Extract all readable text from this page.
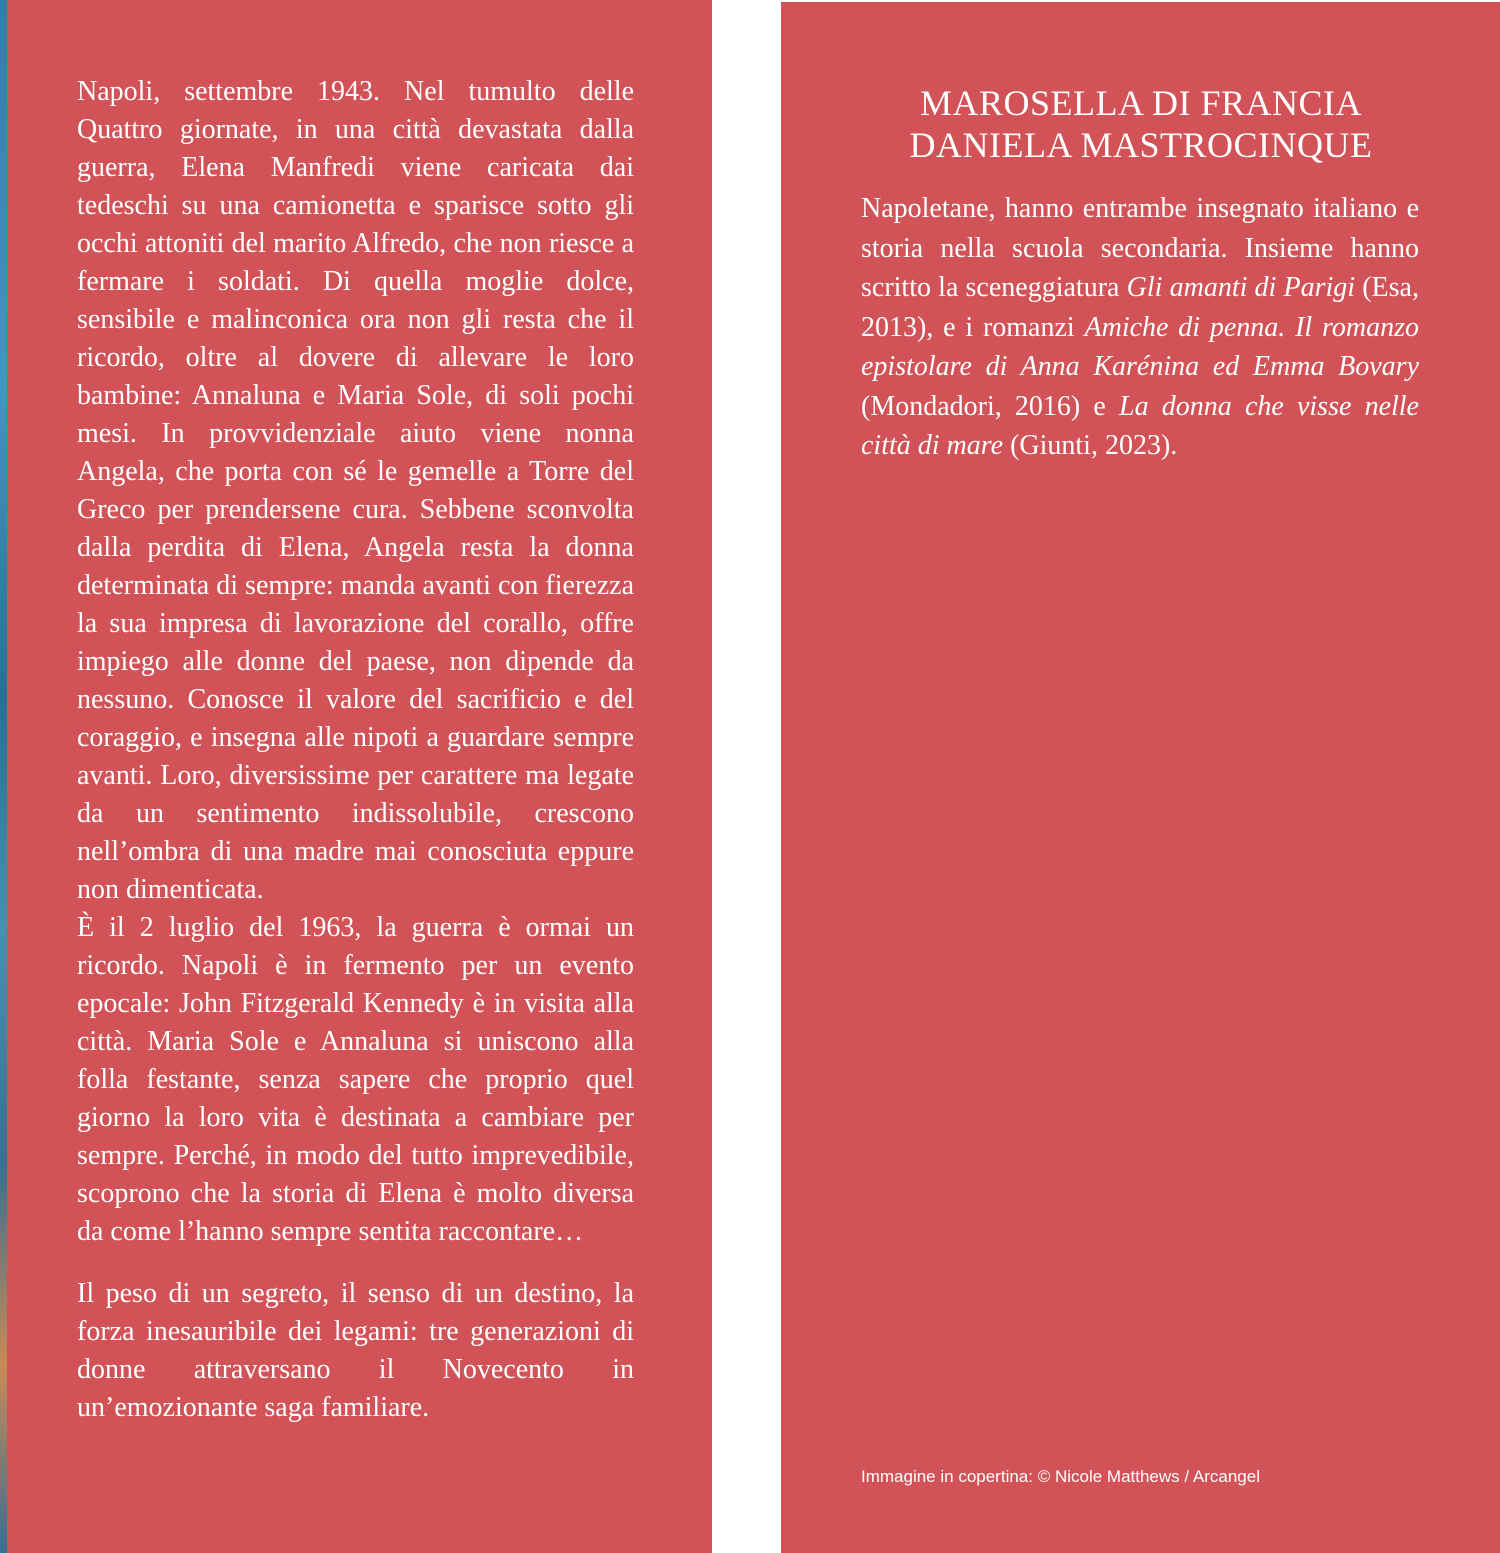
Napoli, settembre 1943. Nel tumulto delle Quattro giornate, in una città devastata dalla guerra, Elena Manfredi viene caricata dai tedeschi su una camionetta e sparisce sotto gli occhi attoniti del marito Alfredo, che non riesce a fermare i soldati. Di quella moglie dolce, sensibile e malinconica ora non gli resta che il ricordo, oltre al dovere di allevare le loro bambine: Annaluna e Maria Sole, di soli pochi mesi. In provvidenziale aiuto viene nonna Angela, che porta con sé le gemelle a Torre del Greco per prendersene cura. Sebbene sconvolta dalla perdita di Elena, Angela resta la donna determinata di sempre: manda avanti con fierezza la sua impresa di lavorazione del corallo, offre impiego alle donne del paese, non dipende da nessuno. Conosce il valore del sacrificio e del coraggio, e insegna alle nipoti a guardare sempre avanti. Loro, diversissime per carattere ma legate da un sentimento indissolubile, crescono nell’ombra di una madre mai conosciuta eppure non dimenticata.

È il 2 luglio del 1963, la guerra è ormai un ricordo. Napoli è in fermento per un evento epocale: John Fitzgerald Kennedy è in visita alla città. Maria Sole e Annaluna si uniscono alla folla festante, senza sapere che proprio quel giorno la loro vita è destinata a cambiare per sempre. Perché, in modo del tutto imprevedibile, scoprono che la storia di Elena è molto diversa da come l’hanno sempre sentita raccontare…

Il peso di un segreto, il senso di un destino, la forza inesauribile dei legami: tre generazioni di donne attraversano il Novecento in un’emozionante saga familiare.

MAROSELLA DI FRANCIA
DANIELA MASTROCINQUE

Napoletane, hanno entrambe insegnato italiano e storia nella scuola secondaria. Insieme hanno scritto la sceneggiatura Gli amanti di Parigi (Esa, 2013), e i romanzi Amiche di penna. Il romanzo epistolare di Anna Karénina ed Emma Bovary (Mondadori, 2016) e La donna che visse nelle città di mare (Giunti, 2023).

Immagine in copertina: © Nicole Matthews / Arcangel
